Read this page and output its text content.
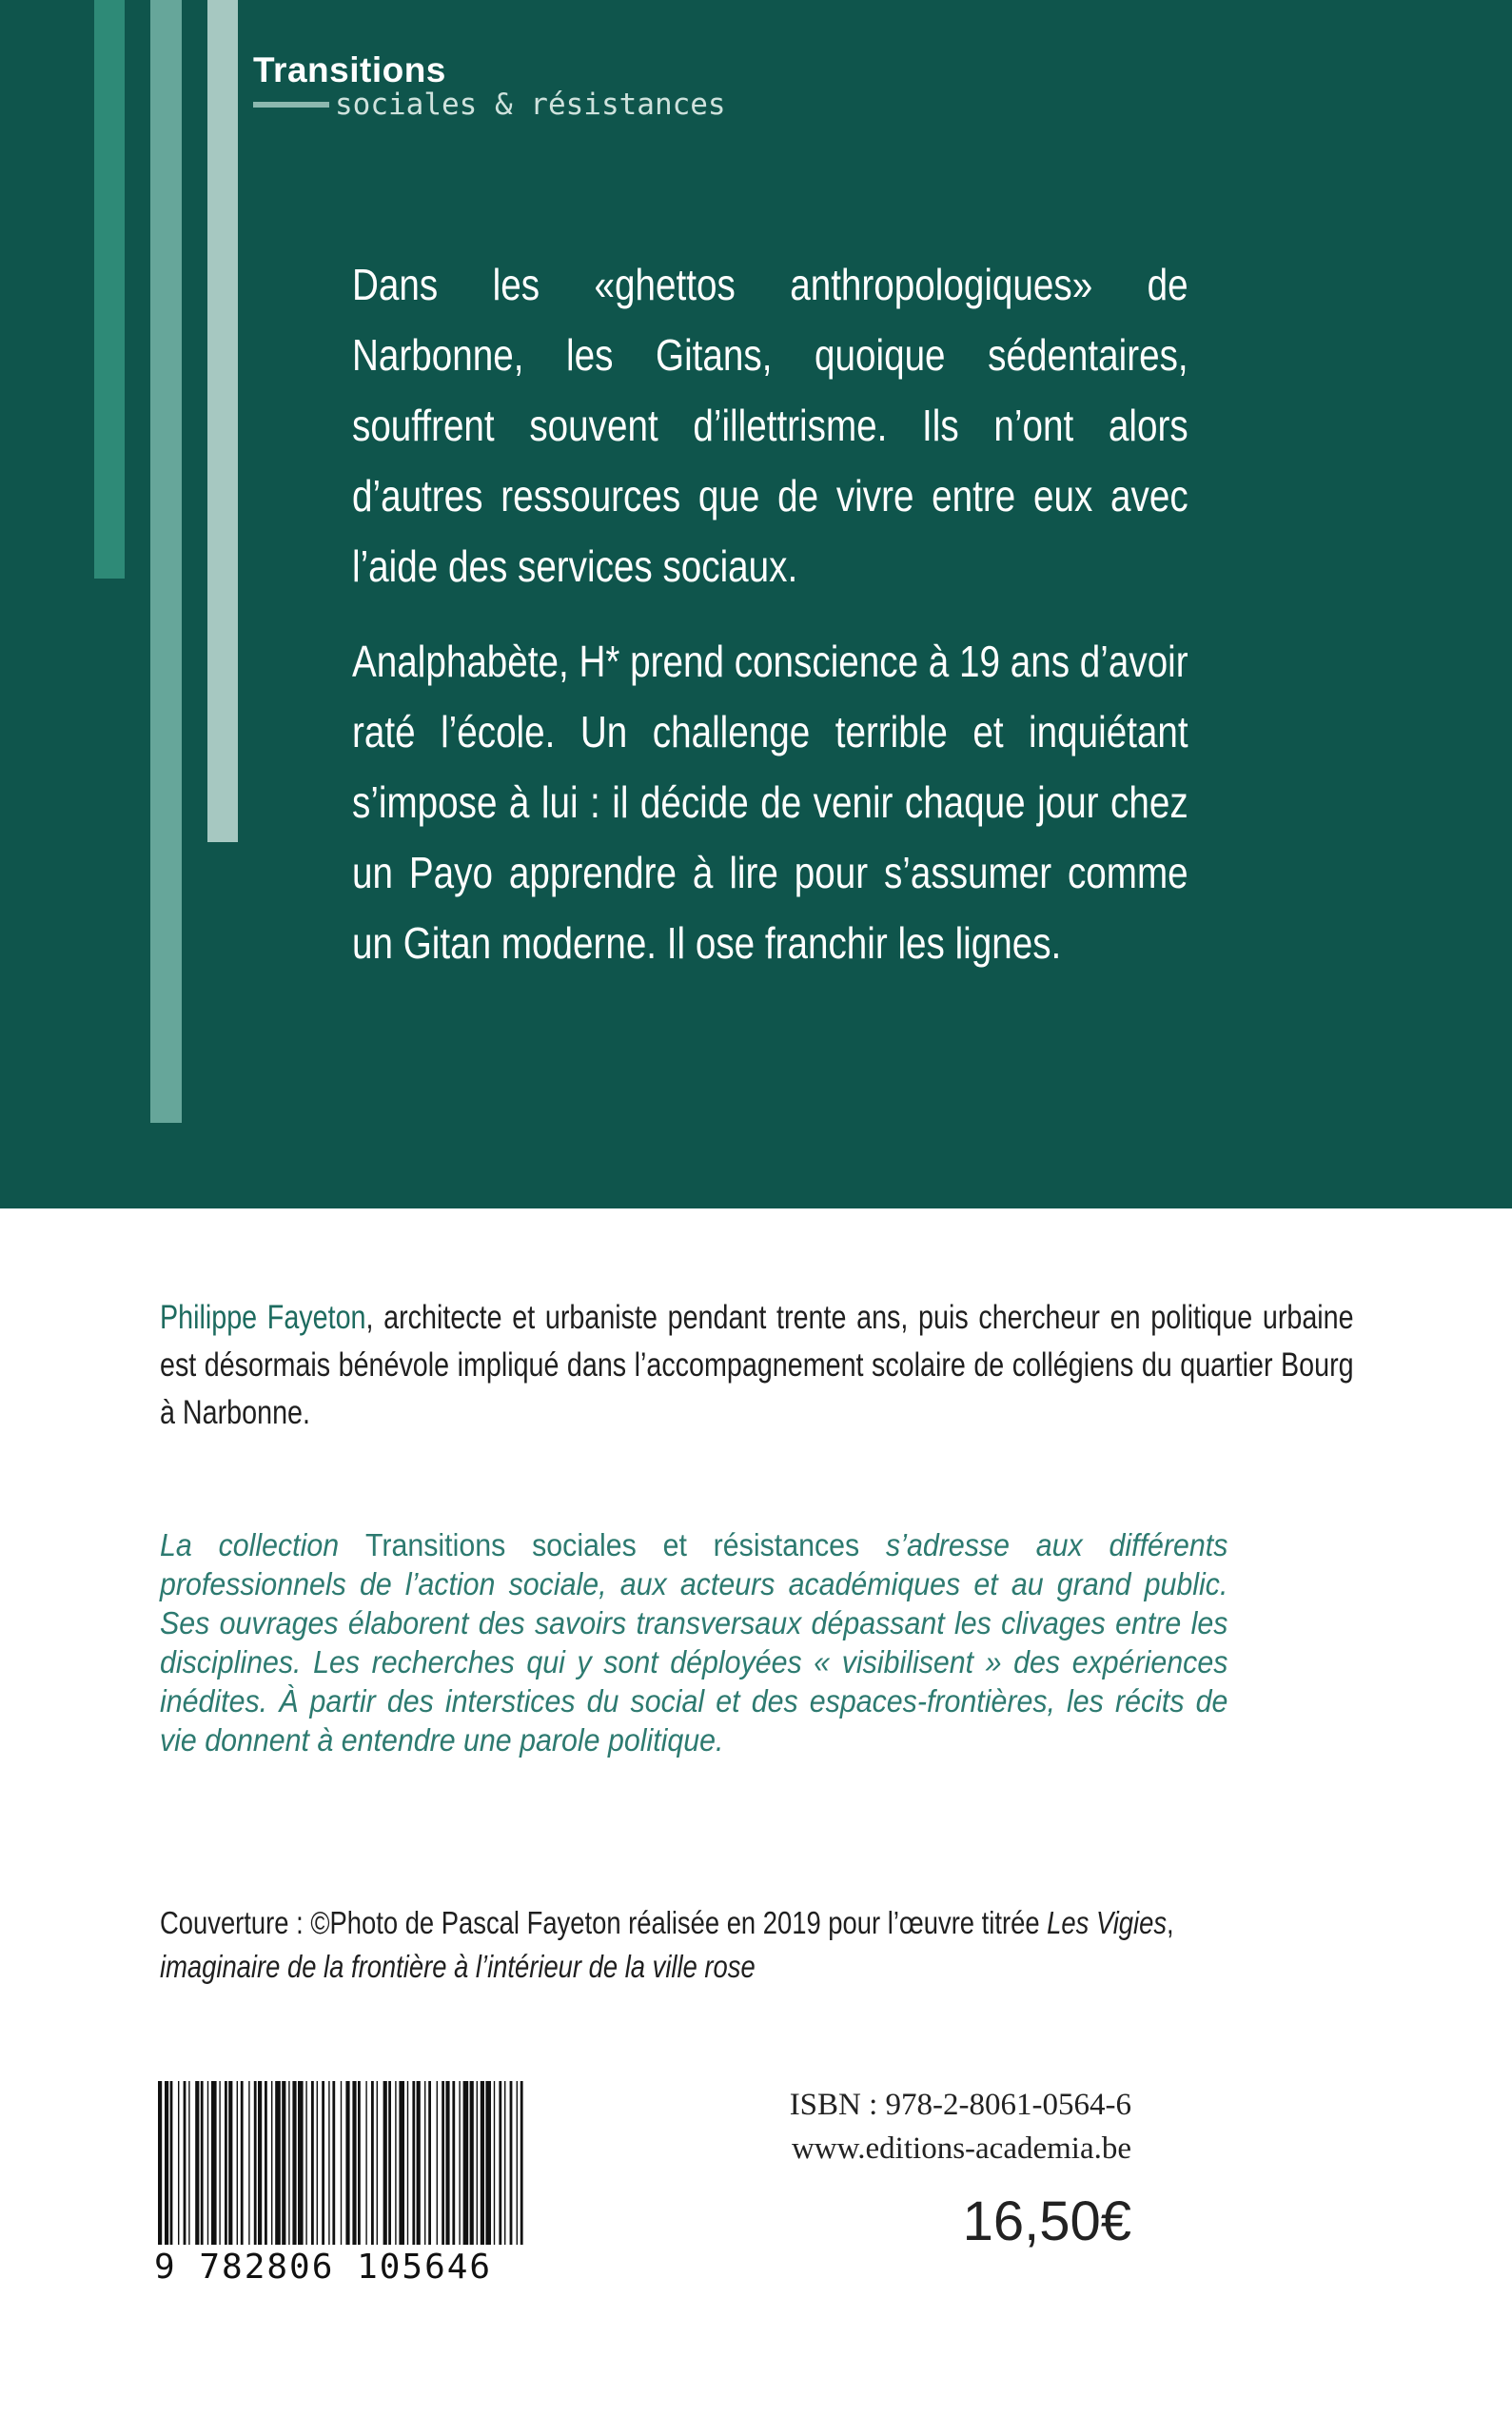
Transitions
sociales & résistances

Dans les «ghettos anthropologiques» de Narbonne, les Gitans, quoique sédentaires, souffrent souvent d’illettrisme. Ils n’ont alors d’autres ressources que de vivre entre eux avec l’aide des services sociaux.

Analphabète, H* prend conscience à 19 ans d’avoir raté l’école. Un challenge terrible et inquiétant s’impose à lui : il décide de venir chaque jour chez un Payo apprendre à lire pour s’assumer comme un Gitan moderne. Il ose franchir les lignes.

Philippe Fayeton, architecte et urbaniste pendant trente ans, puis chercheur en politique urbaine est désormais bénévole impliqué dans l’accompagnement scolaire de collégiens du quartier Bourg à Narbonne.

La collection Transitions sociales et résistances s’adresse aux différents professionnels de l’action sociale, aux acteurs académiques et au grand public. Ses ouvrages élaborent des savoirs transversaux dépassant les clivages entre les disciplines. Les recherches qui y sont déployées « visibilisent » des expériences inédites. À partir des interstices du social et des espaces-frontières, les récits de vie donnent à entendre une parole politique.

Couverture : ©Photo de Pascal Fayeton réalisée en 2019 pour l’œuvre titrée Les Vigies,
imaginaire de la frontière à l’intérieur de la ville rose

9 782806 105646
ISBN : 978-2-8061-0564-6
www.editions-academia.be
16,50€
